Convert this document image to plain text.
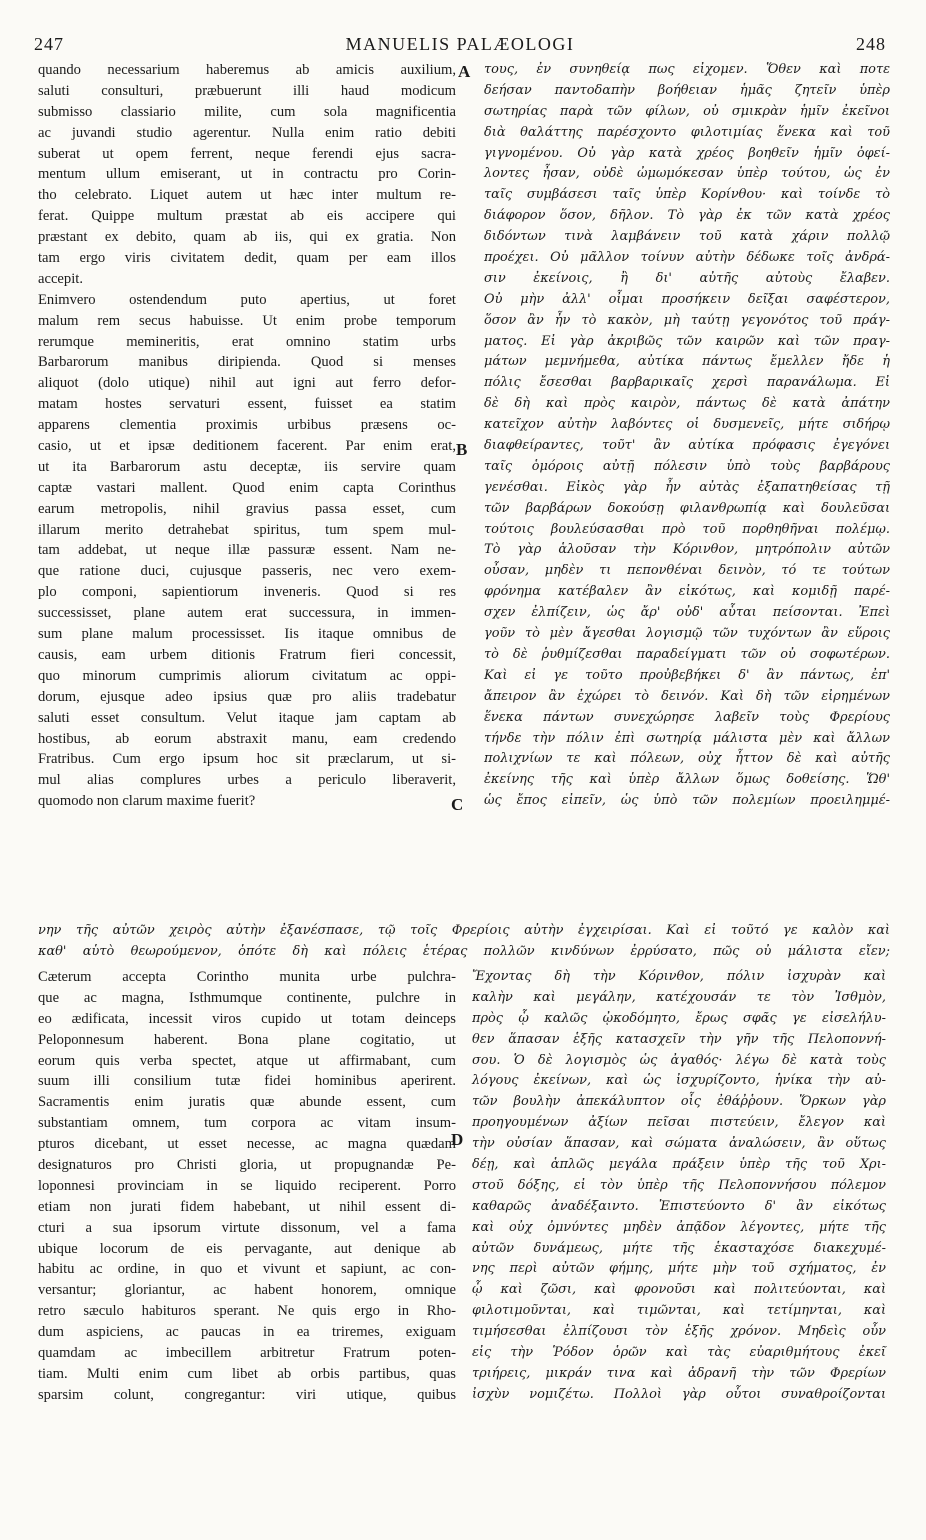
247	MANUELIS PALÆOLOGI	248
A
B
C
D
quando necessarium haberemus ab amicis auxilium,
saluti consulturi, præbuerunt illi haud modicum
submisso classiario milite, cum sola magnificentia
ac juvandi studio agerentur. Nulla enim ratio debiti
suberat ut opem ferrent, neque ferendi ejus sacra-
mentum ullum emiserant, ut in contractu pro Corin-
tho celebrato. Liquet autem ut hæc inter multum re-
ferat. Quippe multum præstat ab eis accipere qui
præstant ex debito, quam ab iis, qui ex gratia. Non
tam ergo viris civitatem dedit, quam per eam illos
accepit.
Enimvero ostendendum puto apertius, ut foret
malum rem secus habuisse. Ut enim probe temporum
rerumque memineritis, erat omnino statim urbs
Barbarorum manibus diripienda. Quod si menses
aliquot (dolo utique) nihil aut igni aut ferro defor-
matam hostes servaturi essent, fuisset ea statim
apparens clementia proximis urbibus præsens oc-
casio, ut et ipsæ deditionem facerent. Par enim erat,
ut ita Barbarorum astu deceptæ, iis servire quam
captæ vastari mallent. Quod enim capta Corinthus
earum metropolis, nihil gravius passa esset, cum
illarum merito detrahebat spiritus, tum spem mul-
tam addebat, ut neque illæ passuræ essent. Nam ne-
que ratione duci, cujusque passeris, nec vero exem-
plo componi, sapientiorum inveneris. Quod si res
successisset, plane autem erat successura, in immen-
sum plane malum processisset. Iis itaque omnibus de
causis, eam urbem ditionis Fratrum fieri concessit,
quo minorum cumprimis aliorum civitatum ac oppi-
dorum, ejusque adeo ipsius quæ pro aliis tradebatur
saluti esset consultum. Velut itaque jam captam ab
hostibus, ab eorum abstraxit manu, eam credendo
Fratribus. Cum ergo ipsum hoc sit præclarum, ut si-
mul alias complures urbes a periculo liberaverit,
quomodo non clarum maxime fuerit?
τους, ἐν συνηθείᾳ πως εἰχομεν. Ὅθεν καὶ ποτε
δεήσαν παντοδαπὴν βοήθειαν ἡμᾶς ζητεῖν ὑπὲρ
σωτηρίας παρὰ τῶν φίλων, οὐ σμικρὰν ἡμῖν ἐκεῖνοι
διὰ θαλάττης παρέσχοντο φιλοτιμίας ἕνεκα καὶ τοῦ
γιγνομένου. Οὐ γὰρ κατὰ χρέος βοηθεῖν ἡμῖν ὀφεί-
λοντες ἦσαν, οὐδὲ ὠμωμόκεσαν ὑπὲρ τούτου, ὡς ἐν
ταῖς συμβάσεσι ταῖς ὑπὲρ Κορίνθου· καὶ τοίνδε τὸ
διάφορον ὅσον, δῆλον. Τὸ γὰρ ἐκ τῶν κατὰ χρέος
διδόντων τινὰ λαμβάνειν τοῦ κατὰ χάριν πολλῷ
προέχει. Οὐ μᾶλλον τοίνυν αὐτὴν δέδωκε τοῖς ἀνδρά-
σιν ἐκείνοις, ἢ δι' αὐτῆς αὐτοὺς ἔλαβεν.
Οὐ μὴν ἀλλ' οἶμαι προσήκειν δεῖξαι σαφέστερον,
ὅσον ἂν ἦν τὸ κακὸν, μὴ ταύτῃ γεγονότος τοῦ πράγ-
ματος. Εἰ γὰρ ἀκριβῶς τῶν καιρῶν καὶ τῶν πραγ-
μάτων μεμνήμεθα, αὐτίκα πάντως ἔμελλεν ἤδε ἡ
πόλις ἔσεσθαι βαρβαρικαῖς χερσὶ παρανάλωμα. Εἰ
δὲ δὴ καὶ πρὸς καιρὸν, πάντως δὲ κατὰ ἀπάτην
κατεῖχον αὐτὴν λαβόντες οἱ δυσμενεῖς, μήτε σιδήρῳ
διαφθείραντες, τοῦτ' ἂν αὐτίκα πρόφασις ἐγεγόνει
ταῖς ὁμόροις αὐτῇ πόλεσιν ὑπὸ τοὺς βαρβάρους
γενέσθαι. Εἰκὸς γὰρ ἦν αὐτὰς ἐξαπατηθείσας τῇ
τῶν βαρβάρων δοκούσῃ φιλανθρωπίᾳ καὶ δουλεῦσαι
τούτοις βουλεύσασθαι πρὸ τοῦ πορθηθῆναι πολέμῳ.
Τὸ γὰρ ἁλοῦσαν τὴν Κόρινθον, μητρόπολιν αὐτῶν
οὖσαν, μηδὲν τι πεπονθέναι δεινὸν, τό τε τούτων
φρόνημα κατέβαλεν ἂν εἰκότως, καὶ κομιδῇ παρέ-
σχεν ἐλπίζειν, ὡς ἄρ' οὐδ' αὗται πείσονται. Ἐπεὶ
γοῦν τὸ μὲν ἄγεσθαι λογισμῷ τῶν τυχόντων ἂν εὕροις
τὸ δὲ ῥυθμίζεσθαι παραδείγματι τῶν οὐ σοφωτέρων.
Καὶ εἰ γε τοῦτο προὐβεβήκει δ' ἂν πάντως, ἐπ'
ἄπειρον ἂν ἐχώρει τὸ δεινόν. Καὶ δὴ τῶν εἰρημένων
ἕνεκα πάντων συνεχώρησε λαβεῖν τοὺς Φρερίους
τήνδε τὴν πόλιν ἐπὶ σωτηρίᾳ μάλιστα μὲν καὶ ἄλλων
πολιχνίων τε καὶ πόλεων, οὐχ ἧττον δὲ καὶ αὐτῆς
ἐκείνης τῆς καὶ ὑπὲρ ἄλλων ὅμως δοθείσης. Ὥθ'
ὡς ἔπος εἰπεῖν, ὡς ὑπὸ τῶν πολεμίων προειλημμέ-
νην τῆς αὐτῶν χειρὸς αὐτὴν ἐξανέσπασε, τῷ τοῖς Φρερίοις αὐτὴν ἐγχειρίσαι. Καὶ εἰ τοῦτό γε καλὸν καὶ
καθ' αὑτὸ θεωρούμενον, ὁπότε δὴ καὶ πόλεις ἑτέρας πολλῶν κινδύνων ἐρρύσατο, πῶς οὐ μάλιστα εἴεν;
Cæterum accepta Corintho munita urbe pulchra-
que ac magna, Isthmumque continente, pulchre in
eo ædificata, incessit viros cupido ut totam deinceps
Peloponnesum haberent. Bona plane cogitatio, ut
eorum quis verba spectet, atque ut affirmabant, cum
suum illi consilium tutæ fidei hominibus aperirent.
Sacramentis enim juratis quæ abunde essent, cum
substantiam omnem, tum corpora ac vitam insum-
pturos dicebant, ut esset necesse, ac magna quædam
designaturos pro Christi gloria, ut propugnandæ Pe-
loponnesi provinciam in se liquido reciperent. Porro
etiam non jurati fidem habebant, ut nihil essent di-
cturi a sua ipsorum virtute dissonum, vel a fama
ubique locorum de eis pervagante, aut denique ab
habitu ac ordine, in quo et vivunt et sapiunt, ac con-
versantur; gloriantur, ac habent honorem, omnique
retro sæculo habituros sperant. Ne quis ergo in Rho-
dum aspiciens, ac paucas in ea triremes, exiguam
quamdam ac imbecillem arbitretur Fratrum poten-
tiam. Multi enim cum libet ab orbis partibus, quas
sparsim colunt, congregantur: viri utique, quibus
Ἔχοντας δὴ τὴν Κόρινθον, πόλιν ἰσχυρὰν καὶ
καλὴν καὶ μεγάλην, κατέχουσάν τε τὸν Ἰσθμὸν,
πρὸς ᾧ καλῶς ᾠκοδόμητο, ἔρως σφᾶς γε εἰσελήλυ-
θεν ἅπασαν ἑξῆς κατασχεῖν τὴν γῆν τῆς Πελοποννή-
σου. Ὁ δὲ λογισμὸς ὡς ἀγαθός· λέγω δὲ κατὰ τοὺς
λόγους ἐκείνων, καὶ ὡς ἰσχυρίζοντο, ἡνίκα τὴν αὐ-
τῶν βουλὴν ἀπεκάλυπτον οἷς ἐθάῤῥουν. Ὅρκων γὰρ
προηγουμένων ἀξίων πεῖσαι πιστεύειν, ἔλεγον καὶ
τὴν οὐσίαν ἅπασαν, καὶ σώματα ἀναλώσειν, ἂν οὕτως
δέῃ, καὶ ἁπλῶς μεγάλα πράξειν ὑπὲρ τῆς τοῦ Χρι-
στοῦ δόξης, εἰ τὸν ὑπὲρ τῆς Πελοποννήσου πόλεμον
καθαρῶς ἀναδέξαιντο. Ἐπιστεύοντο δ' ἂν εἰκότως
καὶ οὐχ ὀμνύντες μηδὲν ἀπᾷδον λέγοντες, μήτε τῆς
αὐτῶν δυνάμεως, μήτε τῆς ἑκασταχόσε διακεχυμέ-
νης περὶ αὐτῶν φήμης, μήτε μὴν τοῦ σχήματος, ἐν
ᾧ καὶ ζῶσι, καὶ φρονοῦσι καὶ πολιτεύονται, καὶ
φιλοτιμοῦνται, καὶ τιμῶνται, καὶ τετίμηνται, καὶ
τιμήσεσθαι ἐλπίζουσι τὸν ἑξῆς χρόνον. Μηδεὶς οὖν
εἰς τὴν Ῥόδον ὁρῶν καὶ τὰς εὐαριθμήτους ἐκεῖ
τριήρεις, μικράν τινα καὶ ἀδρανῆ τὴν τῶν Φρερίων
ἰσχὺν νομιζέτω. Πολλοὶ γὰρ οὗτοι συναθροίζονται
